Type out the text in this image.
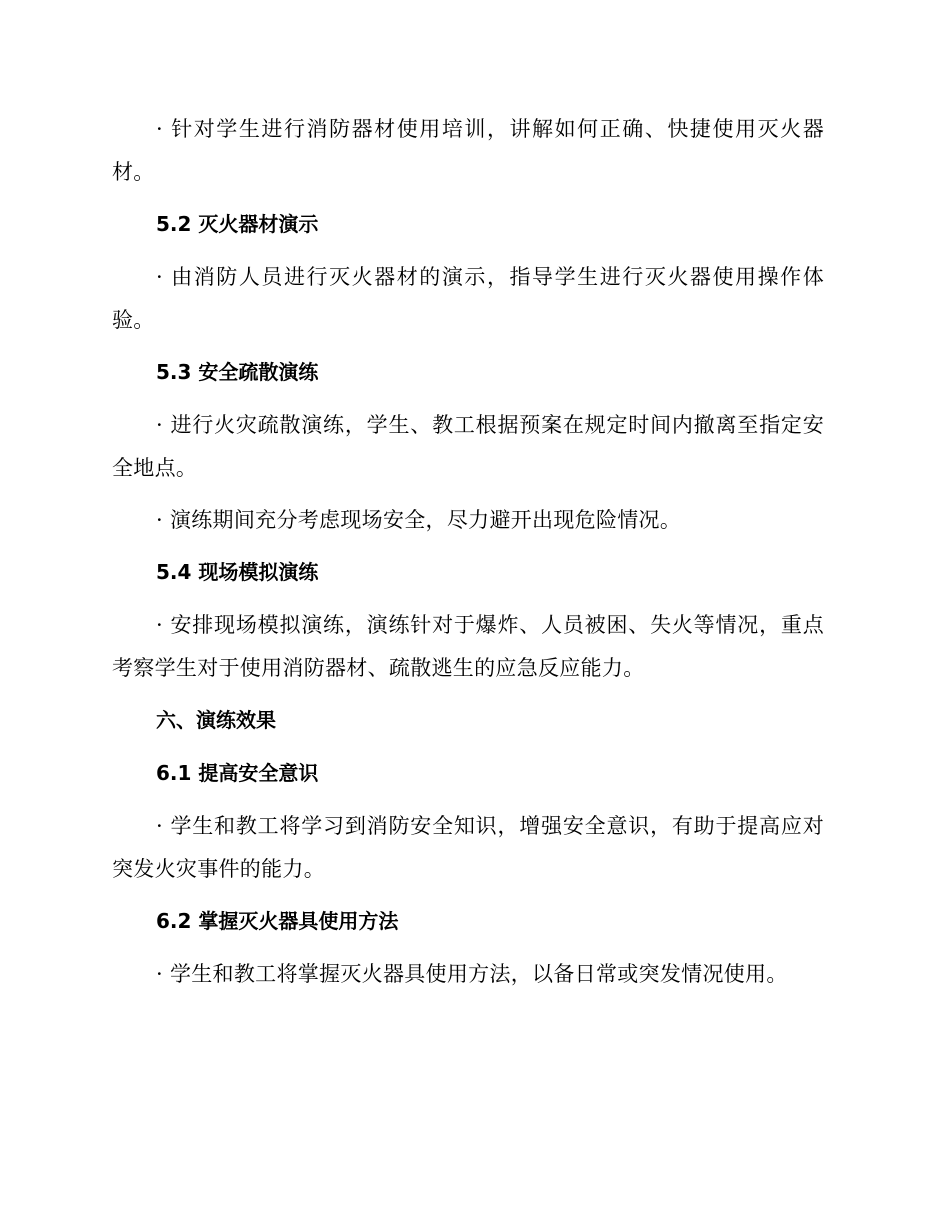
· 针对学生进行消防器材使用培训，讲解如何正确、快捷使用灭火器材。

5.2 灭火器材演示

· 由消防人员进行灭火器材的演示，指导学生进行灭火器使用操作体验。

5.3 安全疏散演练

· 进行火灾疏散演练，学生、教工根据预案在规定时间内撤离至指定安全地点。

· 演练期间充分考虑现场安全，尽力避开出现危险情况。

5.4 现场模拟演练

· 安排现场模拟演练，演练针对于爆炸、人员被困、失火等情况，重点考察学生对于使用消防器材、疏散逃生的应急反应能力。

六、演练效果

6.1 提高安全意识

· 学生和教工将学习到消防安全知识，增强安全意识，有助于提高应对突发火灾事件的能力。

6.2 掌握灭火器具使用方法

· 学生和教工将掌握灭火器具使用方法，以备日常或突发情况使用。
